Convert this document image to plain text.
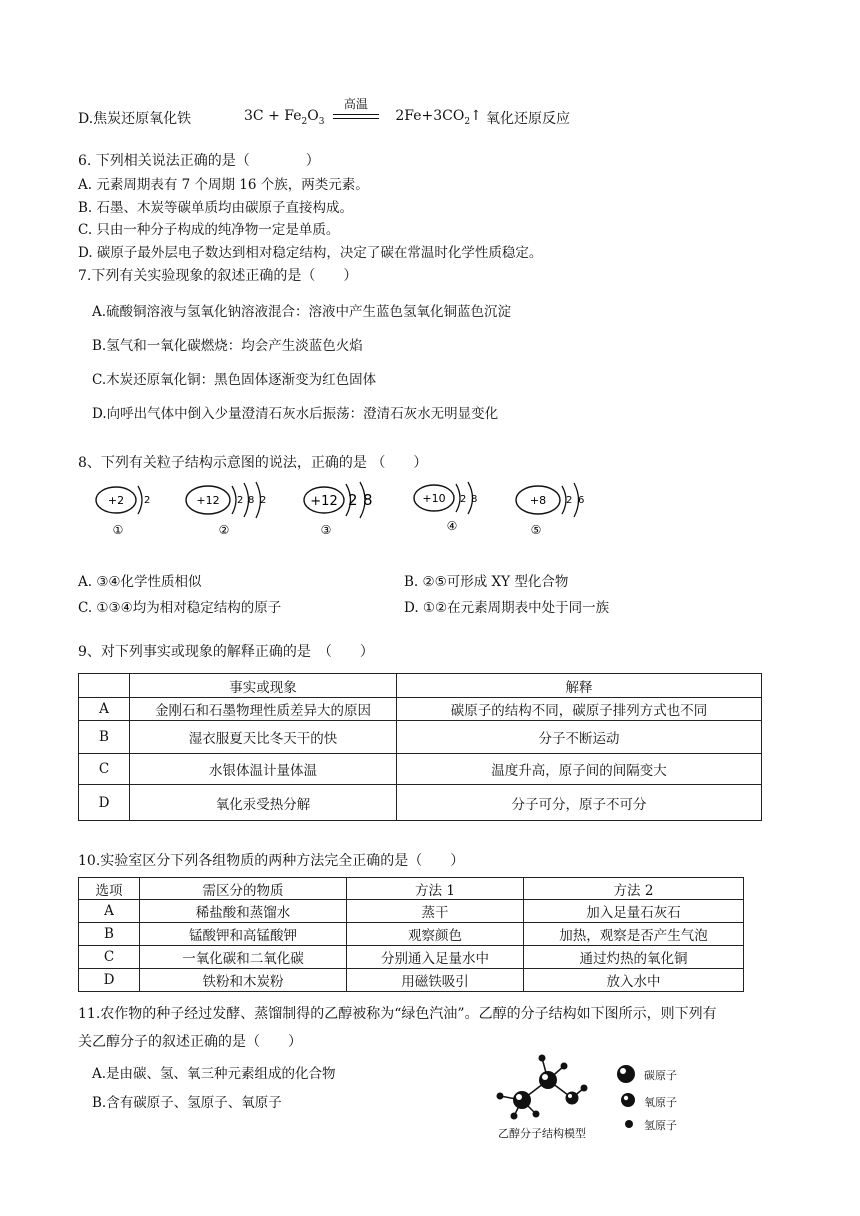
D.焦炭还原氧化铁	$3C + Fe_2O_3$
高温
$2Fe+3CO_2↑$ 氧化还原反应
6. 下列相关说法正确的是（　　　　）
A. 元素周期表有 7 个周期 16 个族，两类元素。
B. 石墨、木炭等碳单质均由碳原子直接构成。
C. 只由一种分子构成的纯净物一定是单质。
D. 碳原子最外层电子数达到相对稳定结构，决定了碳在常温时化学性质稳定。
7.下列有关实验现象的叙述正确的是（　　）
A.硫酸铜溶液与氢氧化钠溶液混合：溶液中产生蓝色氢氧化铜蓝色沉淀
B.氢气和一氧化碳燃烧：均会产生淡蓝色火焰
C.木炭还原氧化铜：黑色固体逐渐变为红色固体
D.向呼出气体中倒入少量澄清石灰水后振荡：澄清石灰水无明显变化
8、下列有关粒子结构示意图的说法，正确的是 （　　）
+2 2
①
+12 2 8 2
②
+12 2 8
③
+10 2 8
④
+8 2 6
⑤
A. ③④化学性质相似	B. ②⑤可形成 XY 型化合物
C. ①③④均为相对稳定结构的原子	D. ①②在元素周期表中处于同一族
9、对下列事实或现象的解释正确的是　（　　）
	事实或现象	解释
A	金刚石和石墨物理性质差异大的原因	碳原子的结构不同，碳原子排列方式也不同
B	湿衣服夏天比冬天干的快	分子不断运动
C	水银体温计量体温	温度升高，原子间的间隔变大
D	氧化汞受热分解	分子可分，原子不可分
10.实验室区分下列各组物质的两种方法完全正确的是（　　）
选项	需区分的物质	方法 1	方法 2
A	稀盐酸和蒸馏水	蒸干	加入足量石灰石
B	锰酸钾和高锰酸钾	观察颜色	加热，观察是否产生气泡
C	一氧化碳和二氧化碳	分别通入足量水中	通过灼热的氧化铜
D	铁粉和木炭粉	用磁铁吸引	放入水中
11.农作物的种子经过发酵、蒸馏制得的乙醇被称为“绿色汽油”。乙醇的分子结构如下图所示，则下列有
关乙醇分子的叙述正确的是（　　）
A.是由碳、氢、氧三种元素组成的化合物
B.含有碳原子、氢原子、氧原子
乙醇分子结构模型
碳原子
氧原子
氢原子
